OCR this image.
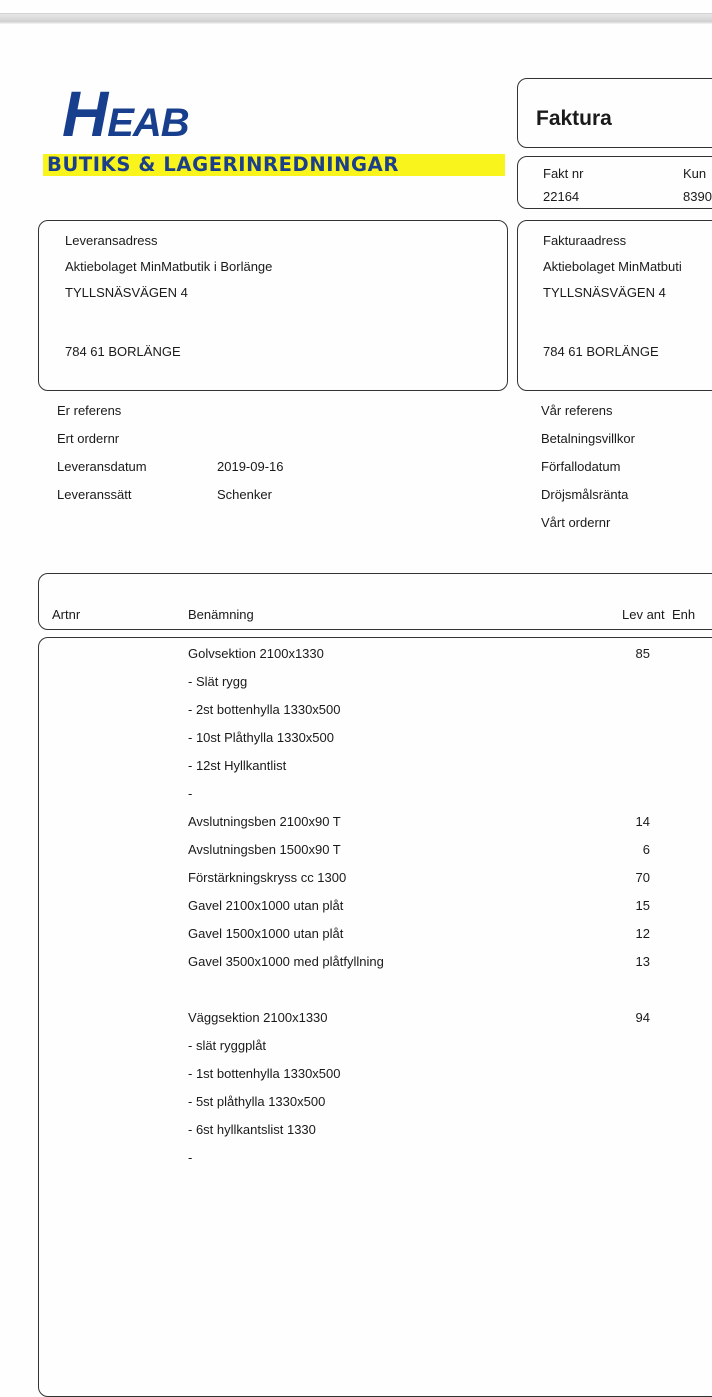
HEAB
BUTIKS & LAGERINREDNINGAR
Faktura
Fakt nr	Kun
22164	8390
Leveransadress
Aktiebolaget MinMatbutik i Borlänge
TYLLSNÄSVÄGEN 4
784 61 BORLÄNGE
Fakturaadress
Aktiebolaget MinMatbuti
TYLLSNÄSVÄGEN 4
784 61 BORLÄNGE
Er referens
Ert ordernr
Leveransdatum	2019-09-16
Leveranssätt	Schenker
Vår referens
Betalningsvillkor
Förfallodatum
Dröjsmålsränta
Vårt ordernr
Artnr	Benämning	Lev ant Enh
Golvsektion 2100x1330	85
- Slät rygg
- 2st bottenhylla 1330x500
- 10st Plåthylla 1330x500
- 12st Hyllkantlist
-
Avslutningsben 2100x90 T	14
Avslutningsben 1500x90 T	6
Förstärkningskryss cc 1300	70
Gavel 2100x1000 utan plåt	15
Gavel 1500x1000 utan plåt	12
Gavel 3500x1000 med plåtfyllning	13
Väggsektion 2100x1330	94
- slät ryggplåt
- 1st bottenhylla 1330x500
- 5st plåthylla 1330x500
- 6st hyllkantslist 1330
-
